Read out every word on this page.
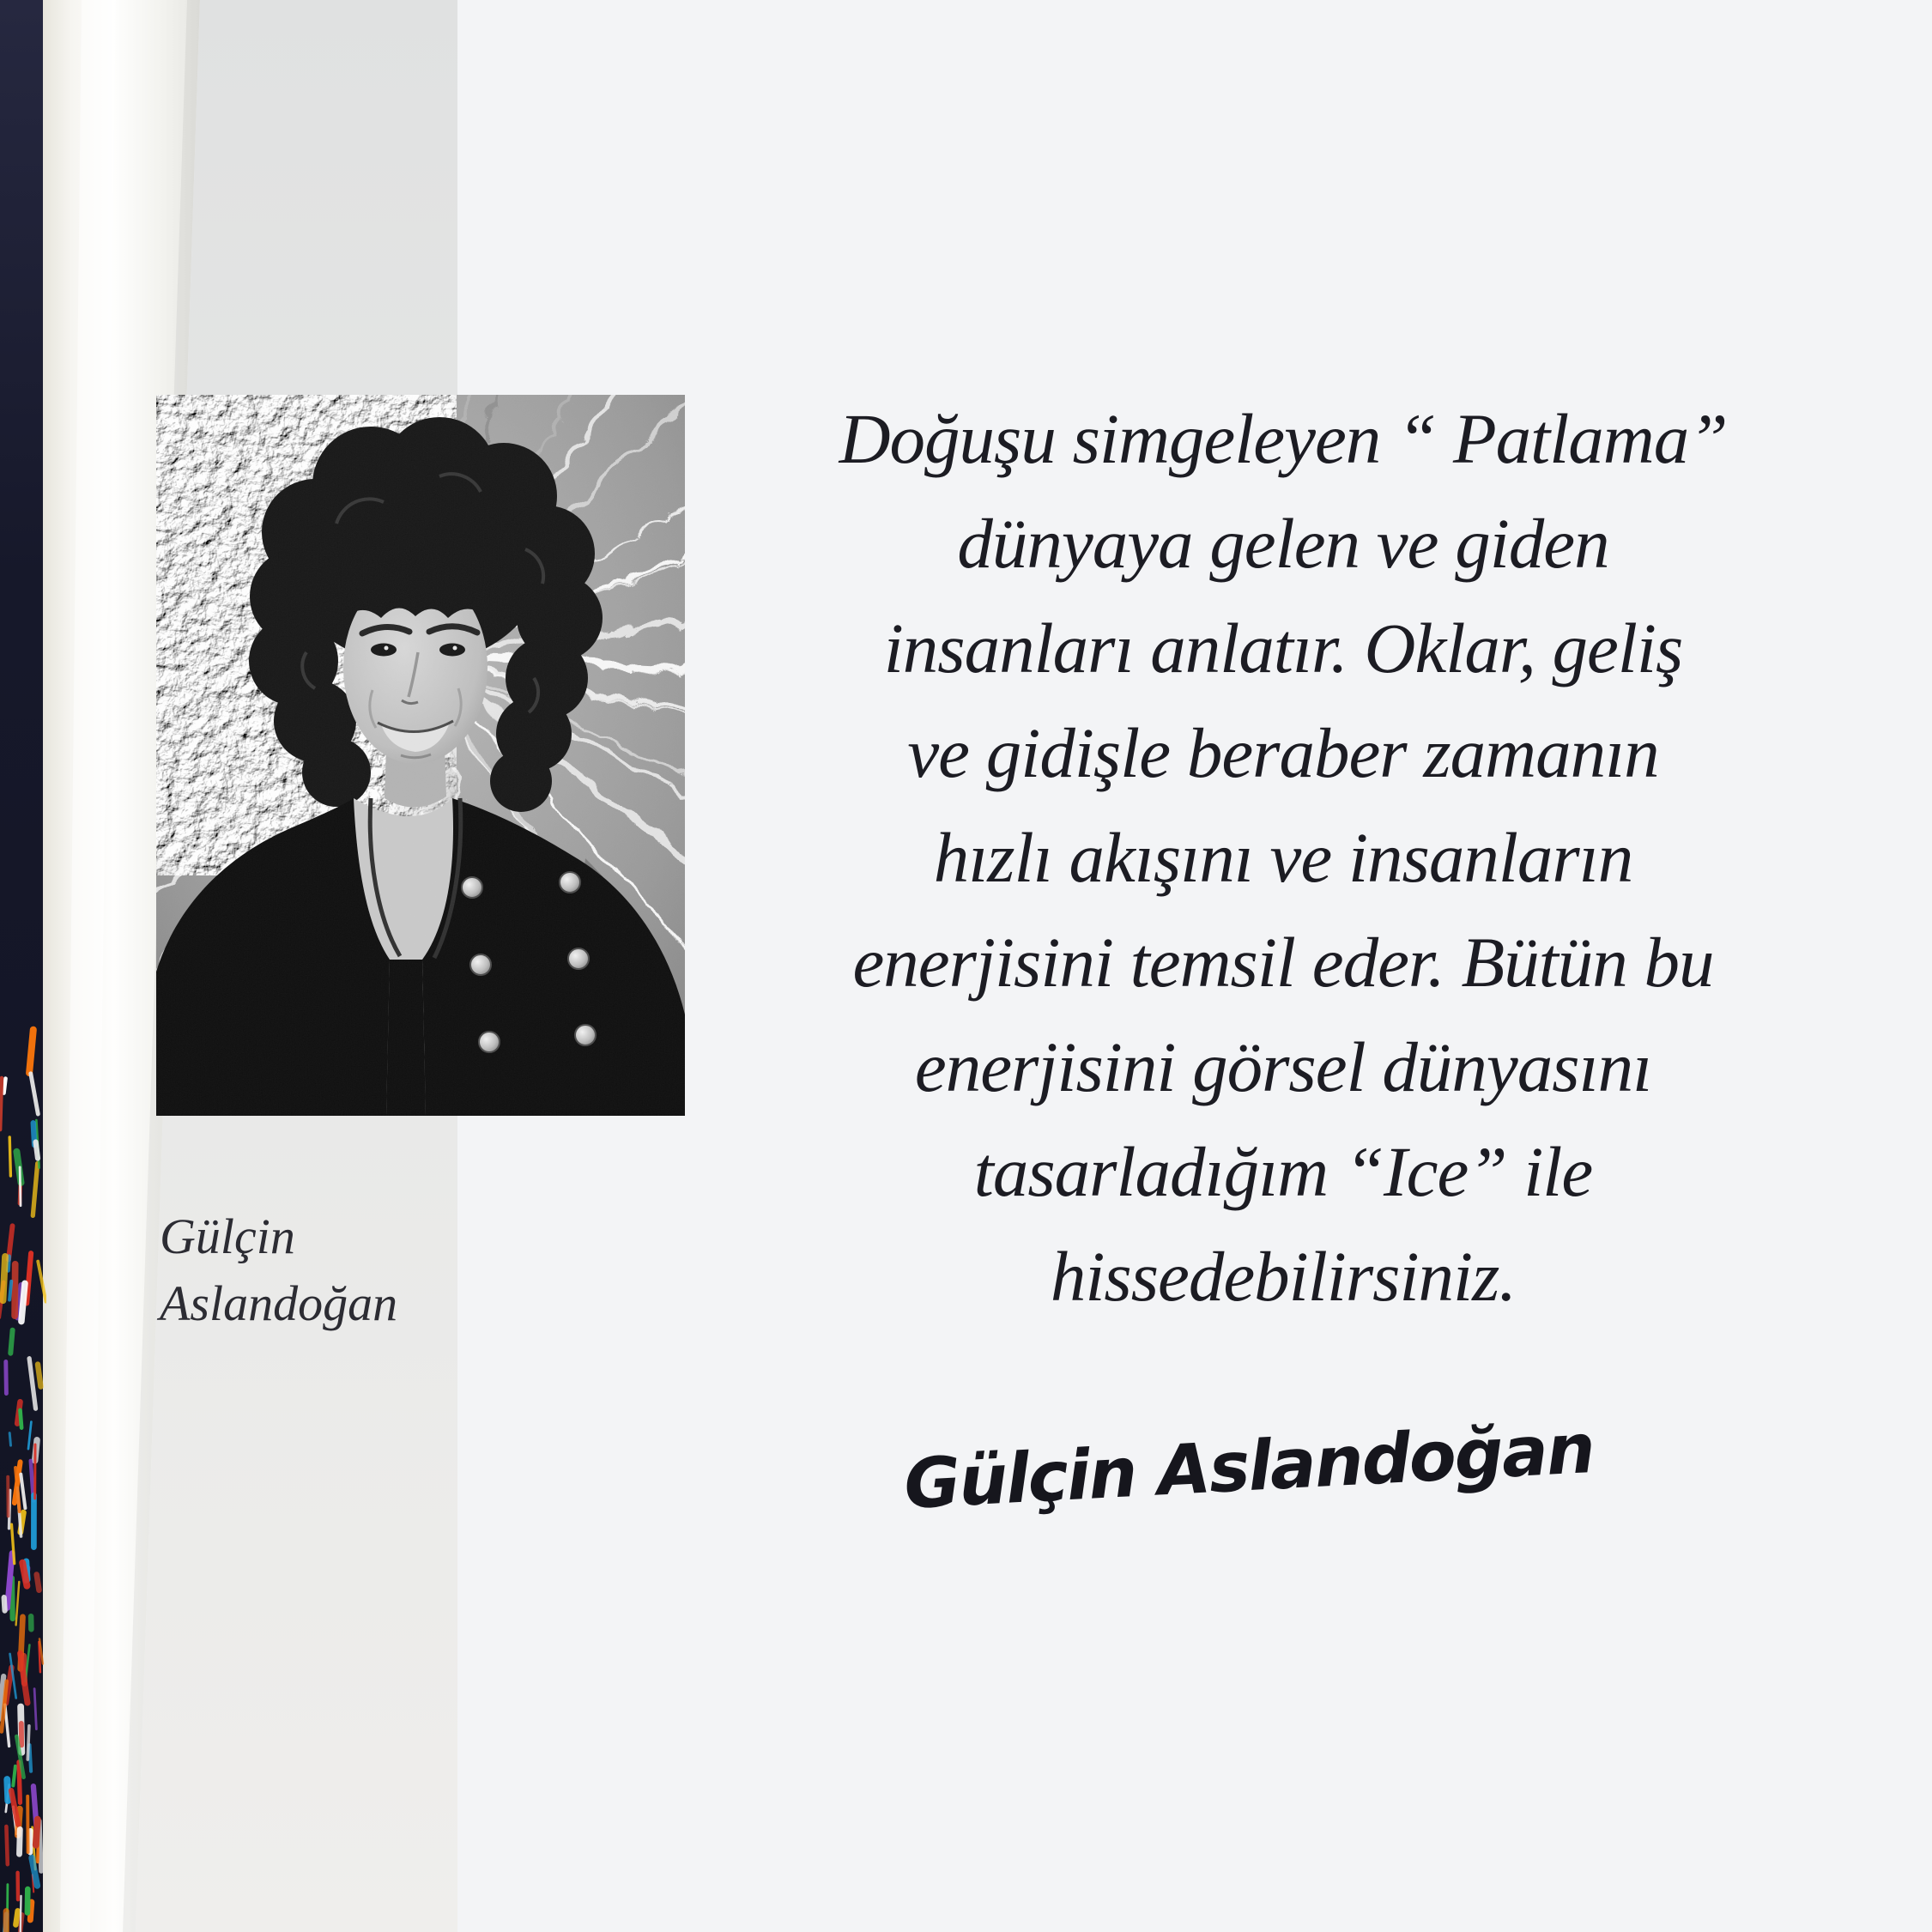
Gülçin
Aslandoğan
Doğuşu simgeleyen “ Patlama”
dünyaya gelen ve giden
insanları anlatır. Oklar, geliş
ve gidişle beraber zamanın
hızlı akışını ve insanların
enerjisini temsil eder. Bütün bu
enerjisini görsel dünyasını
tasarladığım “Ice” ile
hissedebilirsiniz.
Gülçin Aslandoğan
